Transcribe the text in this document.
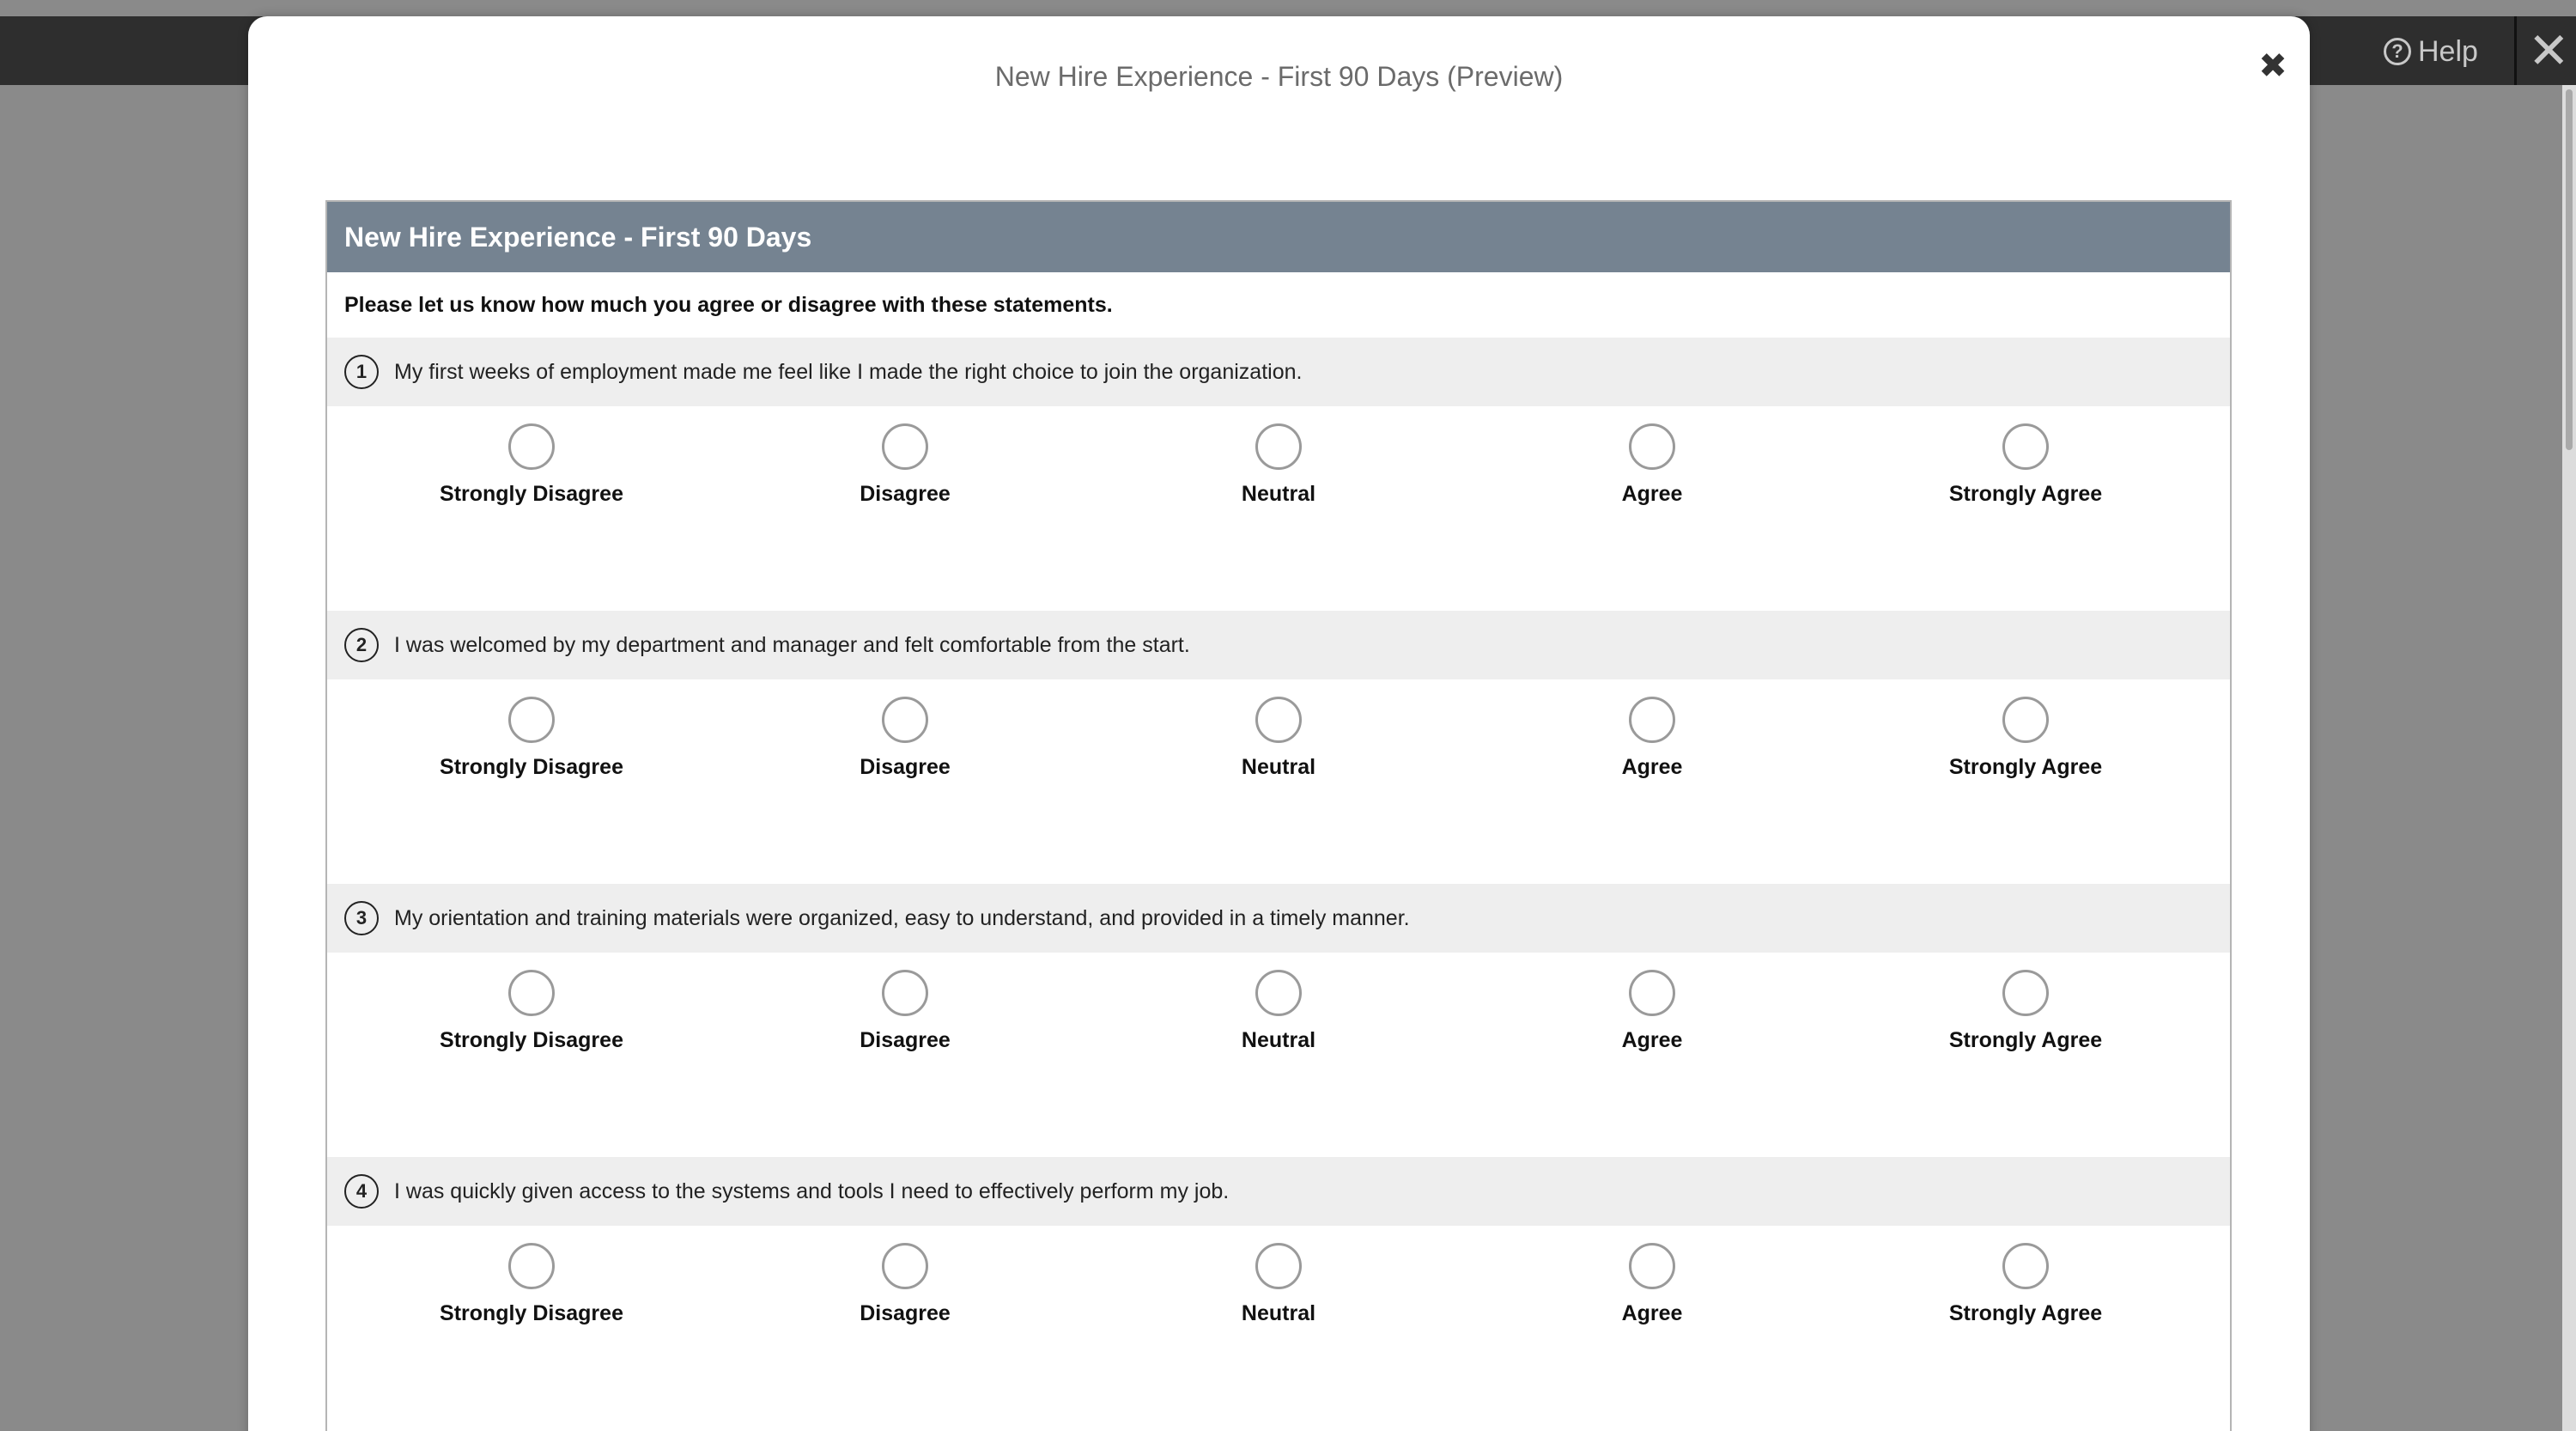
? Help ✕
New Hire Experience - First 90 Days (Preview)	✖
New Hire Experience - First 90 Days
Please let us know how much you agree or disagree with these statements.
1	My first weeks of employment made me feel like I made the right choice to join the organization.
Strongly Disagree	Disagree	Neutral	Agree	Strongly Agree
2	I was welcomed by my department and manager and felt comfortable from the start.
Strongly Disagree	Disagree	Neutral	Agree	Strongly Agree
3	My orientation and training materials were organized, easy to understand, and provided in a timely manner.
Strongly Disagree	Disagree	Neutral	Agree	Strongly Agree
4	I was quickly given access to the systems and tools I need to effectively perform my job.
Strongly Disagree	Disagree	Neutral	Agree	Strongly Agree
